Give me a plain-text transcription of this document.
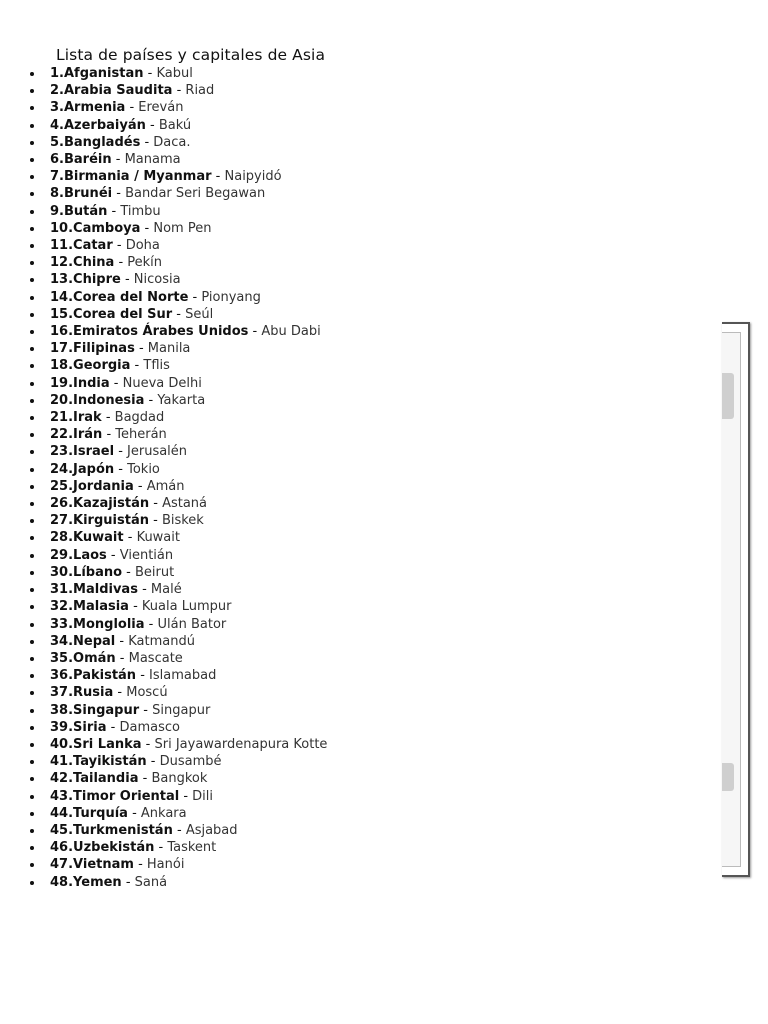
Lista de países y capitales de Asia
1.Afganistan - Kabul
2.Arabia Saudita - Riad
3.Armenia - Ereván
4.Azerbaiyán - Bakú
5.Bangladés - Daca.
6.Baréin - Manama
7.Birmania / Myanmar - Naipyidó
8.Brunéi - Bandar Seri Begawan
9.Bután - Timbu
10.Camboya - Nom Pen
11.Catar - Doha
12.China - Pekín
13.Chipre - Nicosia
14.Corea del Norte - Pionyang
15.Corea del Sur - Seúl
16.Emiratos Árabes Unidos - Abu Dabi
17.Filipinas - Manila
18.Georgia - Tflis
19.India - Nueva Delhi
20.Indonesia - Yakarta
21.Irak - Bagdad
22.Irán - Teherán
23.Israel - Jerusalén
24.Japón - Tokio
25.Jordania - Amán
26.Kazajistán - Astaná
27.Kirguistán - Biskek
28.Kuwait - Kuwait
29.Laos - Vientián
30.Líbano - Beirut
31.Maldivas - Malé
32.Malasia - Kuala Lumpur
33.Monglolia - Ulán Bator
34.Nepal - Katmandú
35.Omán - Mascate
36.Pakistán - Islamabad
37.Rusia - Moscú
38.Singapur - Singapur
39.Siria - Damasco
40.Sri Lanka - Sri Jayawardenapura Kotte
41.Tayikistán - Dusambé
42.Tailandia - Bangkok
43.Timor Oriental - Dili
44.Turquía - Ankara
45.Turkmenistán - Asjabad
46.Uzbekistán - Taskent
47.Vietnam - Hanói
48.Yemen - Saná
